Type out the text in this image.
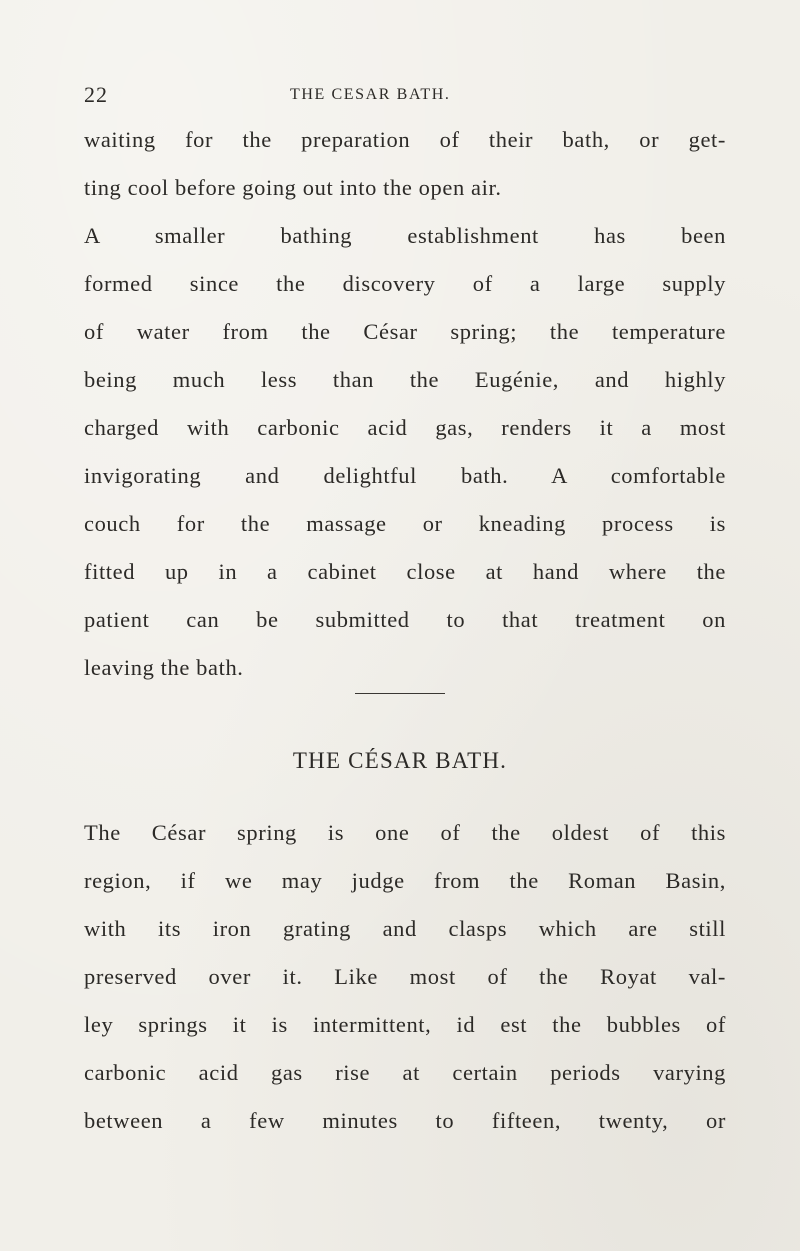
22	THE CESAR BATH.
waiting for the preparation of their bath, or get-
ting cool before going out into the open air.
A smaller bathing establishment has been
formed since the discovery of a large supply
of water from the César spring; the temperature
being much less than the Eugénie, and highly
charged with carbonic acid gas, renders it a most
invigorating and delightful bath. A comfortable
couch for the massage or kneading process is
fitted up in a cabinet close at hand where the
patient can be submitted to that treatment on
leaving the bath.
THE CÉSAR BATH.
The César spring is one of the oldest of this
region, if we may judge from the Roman Basin,
with its iron grating and clasps which are still
preserved over it. Like most of the Royat val-
ley springs it is intermittent, id est the bubbles of
carbonic acid gas rise at certain periods varying
between a few minutes to fifteen, twenty, or
